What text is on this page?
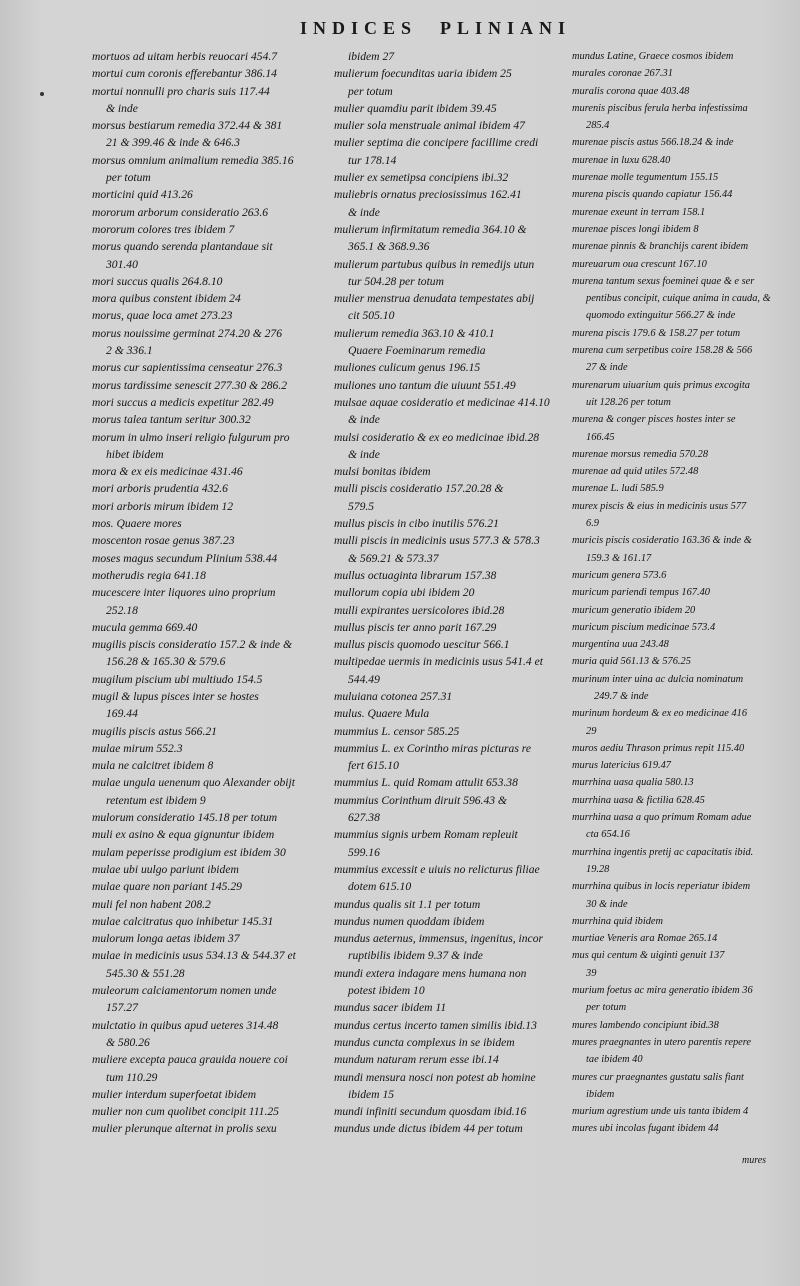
INDICES PLINIANI
mortuos ad uitam herbis reuocari 454.7
mortui cum coronis efferebantur 386.14
mortui nonnulli pro charis suis 117.44
& inde
morsus bestiarum remedia 372.44 & 381
21 & 399.46 & inde & 646.3
morsus omnium animalium remedia 385.16
per totum
morticini quid 413.26
mororum arborum consideratio 263.6
mororum colores tres ibidem 7
morus quando serenda plantandaue sit
301.40
mori succus qualis 264.8.10
mora quibus constent ibidem 24
morus, quae loca amet 273.23
morus nouissime germinat 274.20 & 276
2 & 336.1
morus cur sapientissima censeatur 276.3
morus tardissime senescit 277.30 & 286.2
mori succus a medicis expetitur 282.49
morus talea tantum seritur 300.32
morum in ulmo inseri religio fulgurum pro
hibet ibidem
mora & ex eis medicinae 431.46
mori arboris prudentia 432.6
mori arboris mirum ibidem 12
mos. Quaere mores
moscenton rosae genus 387.23
moses magus secundum Plinium 538.44
motherudis regia 641.18
mucescere inter liquores uino proprium
252.18
mucula gemma 669.40
mugilis piscis consideratio 157.2 & inde &
156.28 & 165.30 & 579.6
mugilum piscium ubi multiudo 154.5
mugil & lupus pisces inter se hostes
169.44
mugilis piscis astus 566.21
mulae mirum 552.3
mula ne calcitret ibidem 8
mulae ungula uenenum quo Alexander obijt
retentum est ibidem 9
mulorum consideratio 145.18 per totum
muli ex asino & equa gignuntur ibidem
mulam peperisse prodigium est ibidem 30
mulae ubi uulgo pariunt ibidem
mulae quare non pariant 145.29
muli fel non habent 208.2
mulae calcitratus quo inhibetur 145.31
mulorum longa aetas ibidem 37
mulae in medicinis usus 534.13 & 544.37 et
545.30 & 551.28
muleorum calciamentorum nomen unde
157.27
mulctatio in quibus apud ueteres 314.48
& 580.26
muliere excepta pauca grauida nouere coi
tum 110.29
mulier interdum superfoetat ibidem
mulier non cum quolibet concipit 111.25
mulier plerunque alternat in prolis sexu
ibidem 27
mulierum foecunditas uaria ibidem 25
per totum
mulier quamdiu parit ibidem 39.45
mulier sola menstruale animal ibidem 47
mulier septima die concipere facillime credi
tur 178.14
mulier ex semetipsa concipiens ibi.32
muliebris ornatus preciosissimus 162.41
& inde
mulierum infirmitatum remedia 364.10 &
365.1 & 368.9.36
mulierum partubus quibus in remedijs utun
tur 504.28 per totum
mulier menstrua denudata tempestates abij
cit 505.10
mulierum remedia 363.10 & 410.1
Quaere Foeminarum remedia
muliones culicum genus 196.15
muliones uno tantum die uiuunt 551.49
mulsae aquae cosideratio et medicinae 414.10
& inde
mulsi cosideratio & ex eo medicinae ibid.28
& inde
mulsi bonitas ibidem
mulli piscis cosideratio 157.20.28 &
579.5
mullus piscis in cibo inutilis 576.21
mulli piscis in medicinis usus 577.3 & 578.3
& 569.21 & 573.37
mullus octuaginta librarum 157.38
mullorum copia ubi ibidem 20
mulli expirantes uersicolores ibid.28
mullus piscis ter anno parit 167.29
mullus piscis quomodo uescitur 566.1
multipedae uermis in medicinis usus 541.4 et
544.49
muluiana cotonea 257.31
mulus. Quaere Mula
mummius L. censor 585.25
mummius L. ex Corintho miras picturas re
fert 615.10
mummius L. quid Romam attulit 653.38
mummius Corinthum diruit 596.43 &
627.38
mummius signis urbem Romam repleuit
599.16
mummius excessit e uiuis no relicturus filiae
dotem 615.10
mundus qualis sit 1.1 per totum
mundus numen quoddam ibidem
mundus aeternus, immensus, ingenitus, incor
ruptibilis ibidem 9.37 & inde
mundi extera indagare mens humana non
potest ibidem 10
mundus sacer ibidem 11
mundus certus incerto tamen similis ibid.13
mundus cuncta complexus in se ibidem
mundum naturam rerum esse ibi.14
mundi mensura nosci non potest ab homine
ibidem 15
mundi infiniti secundum quosdam ibid.16
mundus unde dictus ibidem 44 per totum
mundus Latine, Graece cosmos ibidem
murales coronae 267.31
muralis corona quae 403.48
murenis piscibus ferula herba infestissima
285.4
murenae piscis astus 566.18.24 & inde
murenae in luxu 628.40
murenae molle tegumentum 155.15
murena piscis quando capiatur 156.44
murenae exeunt in terram 158.1
murenae pisces longi ibidem 8
murenae pinnis & branchijs carent ibidem
mureuarum oua crescunt 167.10
murena tantum sexus foeminei quae & e ser
pentibus concipit, cuique anima in cauda, &
quomodo extinguitur 566.27 & inde
murena piscis 179.6 & 158.27 per totum
murena cum serpetibus coire 158.28 & 566
27 & inde
murenarum uiuarium quis primus excogita
uit 128.26 per totum
murena & conger pisces hostes inter se
166.45
murenae morsus remedia 570.28
murenae ad quid utiles 572.48
murenae L. ludi 585.9
murex piscis & eius in medicinis usus 577
6.9
muricis piscis cosideratio 163.36 & inde &
159.3 & 161.17
muricum genera 573.6
muricum pariendi tempus 167.40
muricum generatio ibidem 20
muricum piscium medicinae 573.4
murgentina uua 243.48
muria quid 561.13 & 576.25
murinum inter uina ac dulcia nominatum
249.7 & inde
murinum hordeum & ex eo medicinae 416
29
muros aediu Thrason primus repit 115.40
murus latericius 619.47
murrhina uasa qualia 580.13
murrhina uasa & fictilia 628.45
murrhina uasa a quo primum Romam adue
cta 654.16
murrhina ingentis pretij ac capacitatis ibid.
19.28
murrhina quibus in locis reperiatur ibidem
30 & inde
murrhina quid ibidem
murtiae Veneris ara Romae 265.14
mus qui centum & uiginti genuit 137
39
murium foetus ac mira generatio ibidem 36
per totum
mures lambendo concipiunt ibid.38
mures praegnantes in utero parentis repere
tae ibidem 40
mures cur praegnantes gustatu salis fiant
ibidem
murium agrestium unde uis tanta ibidem 4
mures ubi incolas fugant ibidem 44
mures
